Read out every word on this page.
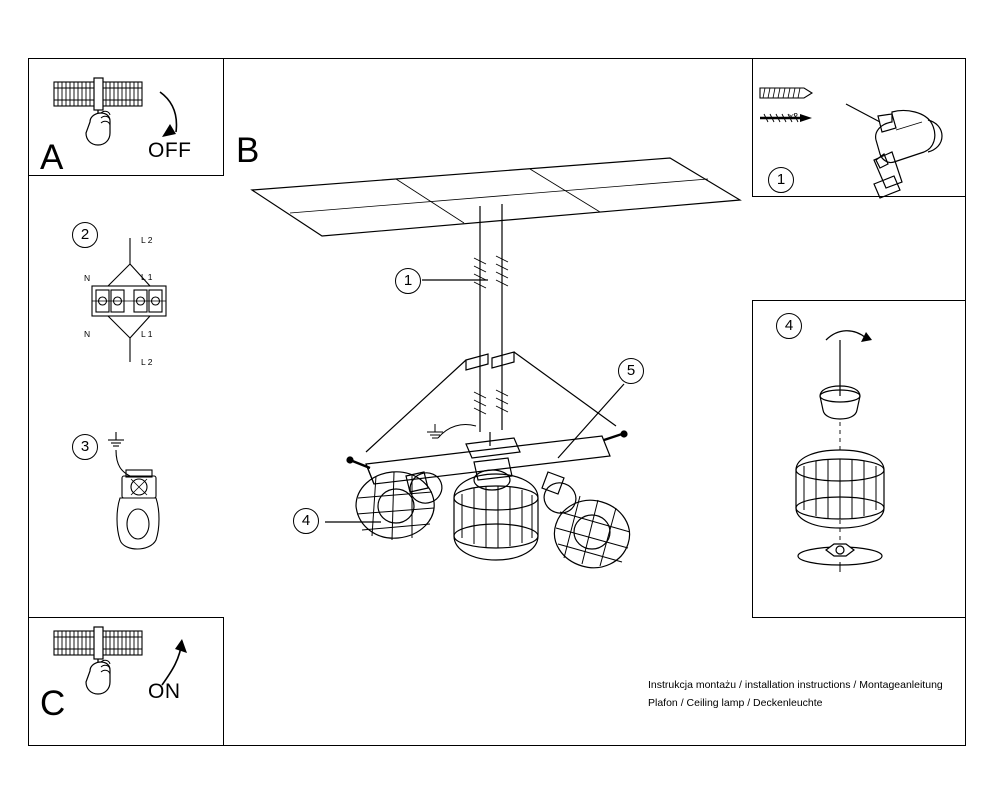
A	OFF
C	ON
2	L 2
L 1
N
N	L 1
L 2
3
1
x2
4
B
1
5
4
Instrukcja montażu / installation instructions / Montageanleitung
Plafon / Ceiling lamp / Deckenleuchte
